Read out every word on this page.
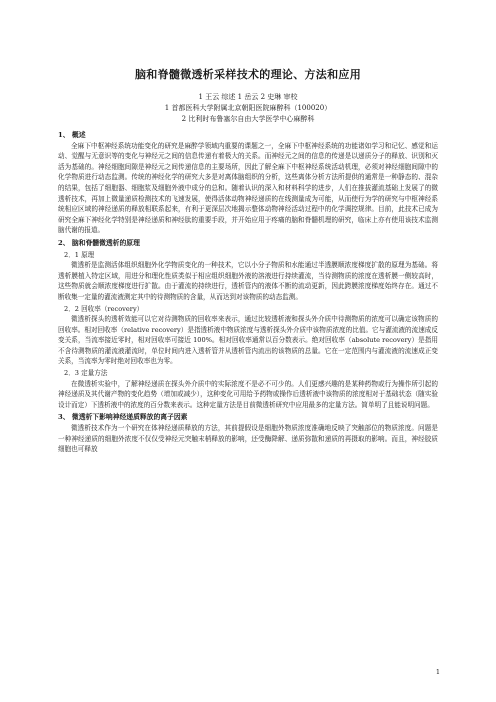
脑和脊髓微透析采样技术的理论、方法和应用
1 王云 综述 1 岳云 2 史琳 审校
1 首都医科大学附属北京朝阳医院麻醉科（100020）
2 比利时布鲁塞尔自由大学医学中心麻醉科
1、 概述

全麻下中枢神经系统功能变化的研究是麻醉学领域内重要的课题之一，全麻下中枢神经系统的功能诸如学习和记忆、感觉和运动、觉醒与无意识等的变化与神经元之间的信息传递有着极大的关系。而神经元之间的信息的传递是以递质分子的释放、识别和灭活为基础的。神经细胞间隙是神经元之间传递信息的主要场所，因此了解全麻下中枢神经系统活动机理，必须对神经细胞间隙中的化学物质进行动态监测。传统的神经化学的研究大多是对离体脑组织的分析，这些离体分析方法所提供的通常是一种静态的、混杂的结果，包括了细胞器、细胞浆及细胞外液中成分的总和。随着认识的深入和材料科学的进步，人们在推拔灌流基础上发展了的微透析技术，再加上微量递质检测技术的飞速发展，使得活体动物神经递质的在线测量成为可能，从而使行为学的研究与中枢神经系统相应区域的神经递质的释放相联系起来，有利于更深层次地揭示整体动物神经活动过程中的化学调控规律。目前，此技术已成为研究全麻下神经化学特别是神经递质和神经肽的重要手段，并开始应用于疼痛的脑和脊髓机理的研究，临床上亦有使用该技术监测脑代谢的报道。

2、 脑和脊髓微透析的原理
2．1 原理

微透析是监测活体组织细胞外化学物质变化的一种技术，它以小分子物质和水能通过半透膜顺浓度梯度扩散的原理为基础。将透析膜植入特定区域，用进分和理化性质类似于相应组织细胞外液的溶液进行持续灌流，当待测物质的浓度在透析膜一侧较高时，这些物质就会顺浓度梯度进行扩散。由于灌流的持续进行，透析管内的液体不断的流动更新，因此跨膜浓度梯度始终存在。通过不断收集一定量的灌流液测定其中的待测物质的含量，从而达到对该物质的动态监测。

2．2 回收率（recovery）

微透析探头的透析效能可以它对待测物质的回收率来表示，通过比较透析液和探头外介质中待测物质的浓度可以确定该物质的回收率。相对回收率（relative recovery）是指透析液中物质浓度与透析探头外介质中该物质浓度的比值。它与灌流液的流速成反变关系，当流率接近零时，相对回收率可接近 100%。相对回收率通常以百分数表示。绝对回收率（absolute recovery）是指用不含待测物质的灌流液灌流时，单位时间内进入透析管并从透析管内流出的该物质的总量。它在一定范围内与灌流液的流速成正变关系，当流率为零时绝对回收率也为零。

2．3 定量方法

在微透析实验中，了解神经递质在探头外介质中的实际浓度不是必不可少的。人们更感兴趣的是某种药物或行为操作所引起的神经递质及其代谢产物的变化趋势（增加或减少），这种变化可用给予药物或操作后透析液中该物质的浓度相对于基础状态（随实验设计而定）下透析液中的浓度的百分数来表示。这种定量方法是目前微透析研究中应用最多的定量方法。简单明了且能说明问题。

3、 微透析下影响神经递质释放的离子因素

微透析技术作为一个研究在体神经递质释放的方法，其前提假设是细胞外物质浓度准确地反映了突触部位的物质浓度。问题是一种神经递质的细胞外浓度不仅仅受神经元突触末梢释放的影响，还受酶降解、递质弥散和递质的再摄取的影响。而且，神经胶质细胞也可释放

1
